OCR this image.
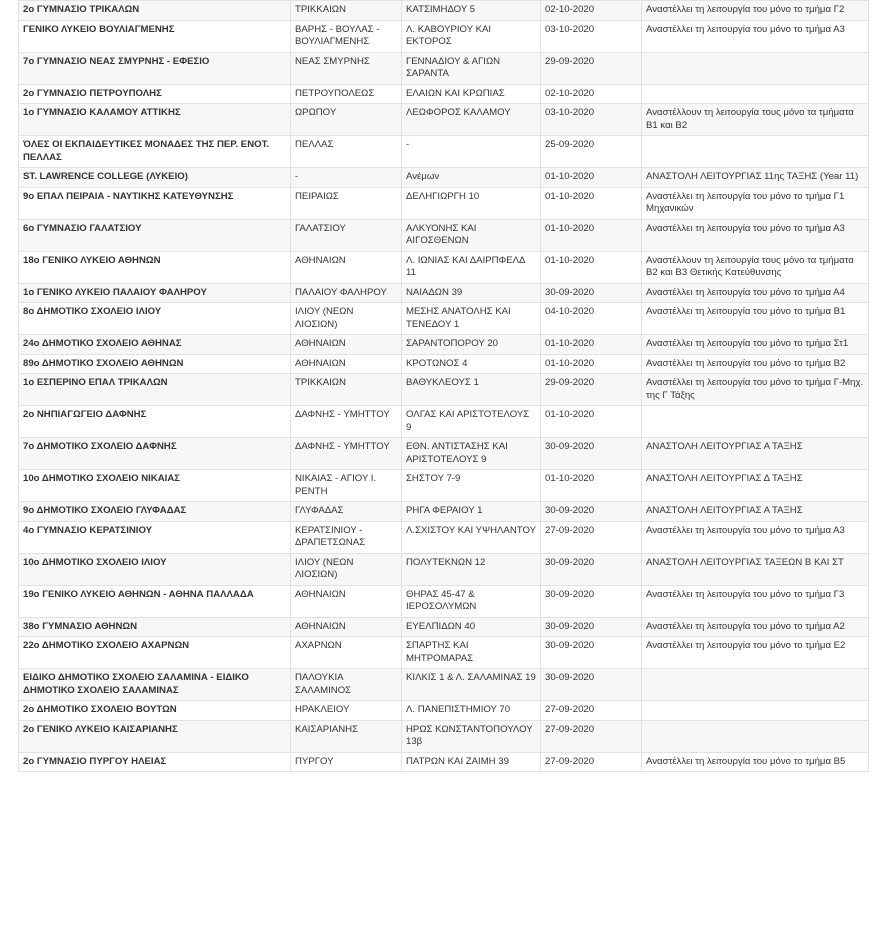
2ο ΓΥΜΝΑΣΙΟ ΤΡΙΚΑΛΩΝ	ΤΡΙΚΚΑΙΩΝ	ΚΑΤΣΙΜΗΔΟΥ 5	02-10-2020	Αναστέλλει τη λειτουργία του μόνο το τμήμα Γ2
ΓΕΝΙΚΟ ΛΥΚΕΙΟ ΒΟΥΛΙΑΓΜΕΝΗΣ	ΒΑΡΗΣ - ΒΟΥΛΑΣ - ΒΟΥΛΙΑΓΜΕΝΗΣ	Λ. ΚΑΒΟΥΡΙΟΥ ΚΑΙ ΕΚΤΟΡΟΣ	03-10-2020	Αναστέλλει τη λειτουργία του μόνο το τμήμα Α3
7ο ΓΥΜΝΑΣΙΟ ΝΕΑΣ ΣΜΥΡΝΗΣ - ΕΦΕΣΙΟ	ΝΕΑΣ ΣΜΥΡΝΗΣ	ΓΕΝΝΑΔΙΟΥ & ΑΓΙΩΝ ΣΑΡΑΝΤΑ	29-09-2020	
2ο ΓΥΜΝΑΣΙΟ ΠΕΤΡΟΥΠΟΛΗΣ	ΠΕΤΡΟΥΠΟΛΕΩΣ	ΕΛΑΙΩΝ ΚΑΙ ΚΡΩΠΙΑΣ	02-10-2020	
1ο ΓΥΜΝΑΣΙΟ ΚΑΛΑΜΟΥ ΑΤΤΙΚΗΣ	ΩΡΩΠΟΥ	ΛΕΩΦΟΡΟΣ ΚΑΛΑΜΟΥ	03-10-2020	Αναστέλλουν τη λειτουργία τους μόνο τα τμήματα Β1 και Β2
ΌΛΕΣ ΟΙ ΕΚΠΑΙΔΕΥΤΙΚΕΣ ΜΟΝΑΔΕΣ ΤΗΣ ΠΕΡ. ΕΝΟΤ. ΠΕΛΛΑΣ	ΠΕΛΛΑΣ	-	25-09-2020	
ST. LAWRENCE COLLEGE (ΛΥΚΕΙΟ)	-	Ανέμων	01-10-2020	ΑΝΑΣΤΟΛΗ ΛΕΙΤΟΥΡΓΙΑΣ 11ης ΤΑΞΗΣ (Year 11)
9ο ΕΠΑΛ ΠΕΙΡΑΙΑ - ΝΑΥΤΙΚΗΣ ΚΑΤΕΥΘΥΝΣΗΣ	ΠΕΙΡΑΙΩΣ	ΔΕΛΗΓΙΩΡΓΗ 10	01-10-2020	Αναστέλλει τη λειτουργία του μόνο το τμήμα Γ1 Μηχανικών
6ο ΓΥΜΝΑΣΙΟ ΓΑΛΑΤΣΙΟΥ	ΓΑΛΑΤΣΙΟΥ	ΑΛΚΥΟΝΗΣ ΚΑΙ ΑΙΓΟΣΘΕΝΩΝ	01-10-2020	Αναστέλλει τη λειτουργία του μόνο το τμήμα Α3
18ο ΓΕΝΙΚΟ ΛΥΚΕΙΟ ΑΘΗΝΩΝ	ΑΘΗΝΑΙΩΝ	Λ. ΙΩΝΙΑΣ ΚΑΙ ΔΑΙΡΠΦΕΛΔ 11	01-10-2020	Αναστέλλουν τη λειτουργία τους μόνο τα τμήματα Β2 και Β3 Θετικής Κατεύθυνσης
1ο ΓΕΝΙΚΟ ΛΥΚΕΙΟ ΠΑΛΑΙΟΥ ΦΑΛΗΡΟΥ	ΠΑΛΑΙΟΥ ΦΑΛΗΡΟΥ	ΝΑΙΑΔΩΝ 39	30-09-2020	Αναστέλλει τη λειτουργία του μόνο το τμήμα Α4
8ο ΔΗΜΟΤΙΚΟ ΣΧΟΛΕΙΟ ΙΛΙΟΥ	ΙΛΙΟΥ (ΝΕΩΝ ΛΙΟΣΙΩΝ)	ΜΕΣΗΣ ΑΝΑΤΟΛΗΣ ΚΑΙ ΤΕΝΕΔΟΥ 1	04-10-2020	Αναστέλλει τη λειτουργία του μόνο το τμήμα Β1
24ο ΔΗΜΟΤΙΚΟ ΣΧΟΛΕΙΟ ΑΘΗΝΑΣ	ΑΘΗΝΑΙΩΝ	ΣΑΡΑΝΤΟΠΟΡΟΥ 20	01-10-2020	Αναστέλλει τη λειτουργία του μόνο το τμήμα Στ1
89ο ΔΗΜΟΤΙΚΟ ΣΧΟΛΕΙΟ ΑΘΗΝΩΝ	ΑΘΗΝΑΙΩΝ	ΚΡΟΤΩΝΟΣ 4	01-10-2020	Αναστέλλει τη λειτουργία του μόνο το τμήμα Β2
1ο ΕΣΠΕΡΙΝΟ ΕΠΑΛ ΤΡΙΚΑΛΩΝ	ΤΡΙΚΚΑΙΩΝ	ΒΑΘΥΚΛΕΟΥΣ 1	29-09-2020	Αναστέλλει τη λειτουργία του μόνο το τμήμα Γ-Μηχ. της Γ Τάξης
2ο ΝΗΠΙΑΓΩΓΕΙΟ ΔΑΦΝΗΣ	ΔΑΦΝΗΣ - ΥΜΗΤΤΟΥ	ΟΛΓΑΣ ΚΑΙ ΑΡΙΣΤΟΤΕΛΟΥΣ 9	01-10-2020	
7ο ΔΗΜΟΤΙΚΟ ΣΧΟΛΕΙΟ ΔΑΦΝΗΣ	ΔΑΦΝΗΣ - ΥΜΗΤΤΟΥ	ΕΘΝ. ΑΝΤΙΣΤΑΣΗΣ ΚΑΙ ΑΡΙΣΤΟΤΕΛΟΥΣ 9	30-09-2020	ΑΝΑΣΤΟΛΗ ΛΕΙΤΟΥΡΓΙΑΣ Α ΤΑΞΗΣ
10ο ΔΗΜΟΤΙΚΟ ΣΧΟΛΕΙΟ ΝΙΚΑΙΑΣ	ΝΙΚΑΙΑΣ - ΑΓΙΟΥ Ι. ΡΕΝΤΗ	ΣΗΣΤΟΥ 7-9	01-10-2020	ΑΝΑΣΤΟΛΗ ΛΕΙΤΟΥΡΓΙΑΣ Δ ΤΑΞΗΣ
9ο ΔΗΜΟΤΙΚΟ ΣΧΟΛΕΙΟ ΓΛΥΦΑΔΑΣ	ΓΛΥΦΑΔΑΣ	ΡΗΓΑ ΦΕΡΑΙΟΥ 1	30-09-2020	ΑΝΑΣΤΟΛΗ ΛΕΙΤΟΥΡΓΙΑΣ Α ΤΑΞΗΣ
4ο ΓΥΜΝΑΣΙΟ ΚΕΡΑΤΣΙΝΙΟΥ	ΚΕΡΑΤΣΙΝΙΟΥ - ΔΡΑΠΕΤΣΩΝΑΣ	Λ.ΣΧΙΣΤΟΥ ΚΑΙ ΥΨΗΛΑΝΤΟΥ	27-09-2020	Αναστέλλει τη λειτουργία του μόνο το τμήμα Α3
10ο ΔΗΜΟΤΙΚΟ ΣΧΟΛΕΙΟ ΙΛΙΟΥ	ΙΛΙΟΥ (ΝΕΩΝ ΛΙΟΣΙΩΝ)	ΠΟΛΥΤΕΚΝΩΝ 12	30-09-2020	ΑΝΑΣΤΟΛΗ ΛΕΙΤΟΥΡΓΙΑΣ ΤΑΞΕΩΝ Β ΚΑΙ ΣΤ
19ο ΓΕΝΙΚΟ ΛΥΚΕΙΟ ΑΘΗΝΩΝ - ΑΘΗΝΑ ΠΑΛΛΑΔΑ	ΑΘΗΝΑΙΩΝ	ΘΗΡΑΣ 45-47 & ΙΕΡΟΣΟΛΥΜΩΝ	30-09-2020	Αναστέλλει τη λειτουργία του μόνο το τμήμα Γ3
38ο ΓΥΜΝΑΣΙΟ ΑΘΗΝΩΝ	ΑΘΗΝΑΙΩΝ	ΕΥΕΛΠΙΔΩΝ 40	30-09-2020	Αναστέλλει τη λειτουργία του μόνο το τμήμα Α2
22ο ΔΗΜΟΤΙΚΟ ΣΧΟΛΕΙΟ ΑΧΑΡΝΩΝ	ΑΧΑΡΝΩΝ	ΣΠΑΡΤΗΣ ΚΑΙ ΜΗΤΡΟΜΑΡΑΣ	30-09-2020	Αναστέλλει τη λειτουργία του μόνο το τμήμα Ε2
ΕΙΔΙΚΟ ΔΗΜΟΤΙΚΟ ΣΧΟΛΕΙΟ ΣΑΛΑΜΙΝΑ - ΕΙΔΙΚΟ ΔΗΜΟΤΙΚΟ ΣΧΟΛΕΙΟ ΣΑΛΑΜΙΝΑΣ	ΠΑΛΟΥΚΙΑ ΣΑΛΑΜΙΝΟΣ	ΚΙΛΚΙΣ 1 & Λ. ΣΑΛΑΜΙΝΑΣ 19	30-09-2020	
2ο ΔΗΜΟΤΙΚΟ ΣΧΟΛΕΙΟ ΒΟΥΤΩΝ	ΗΡΑΚΛΕΙΟΥ	Λ. ΠΑΝΕΠΙΣΤΗΜΙΟΥ 70	27-09-2020	
2ο ΓΕΝΙΚΟ ΛΥΚΕΙΟ ΚΑΙΣΑΡΙΑΝΗΣ	ΚΑΙΣΑΡΙΑΝΗΣ	ΗΡΩΣ ΚΩΝΣΤΑΝΤΟΠΟΥΛΟΥ 13β	27-09-2020	
2ο ΓΥΜΝΑΣΙΟ ΠΥΡΓΟΥ ΗΛΕΙΑΣ	ΠΥΡΓΟΥ	ΠΑΤΡΩΝ ΚΑΙ ΖΑΙΜΗ 39	27-09-2020	Αναστέλλει τη λειτουργία του μόνο το τμήμα Β5
